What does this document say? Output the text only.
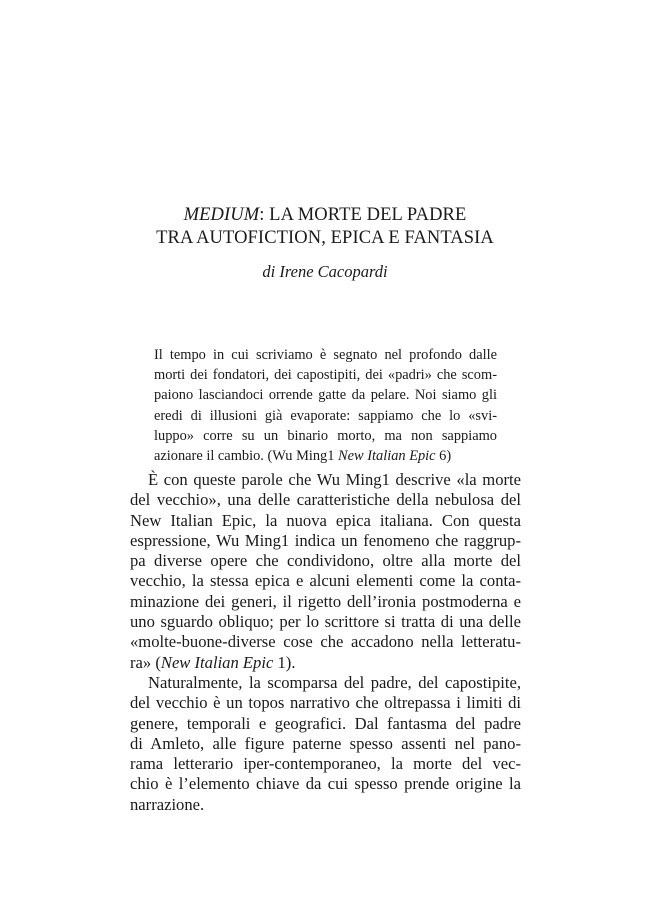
MEDIUM: LA MORTE DEL PADRE
TRA AUTOFICTION, EPICA E FANTASIA
di Irene Cacopardi
Il tempo in cui scriviamo è segnato nel profondo dalle
morti dei fondatori, dei capostipiti, dei «padri» che scom-
paiono lasciandoci orrende gatte da pelare. Noi siamo gli
eredi di illusioni già evaporate: sappiamo che lo «svi-
luppo» corre su un binario morto, ma non sappiamo
azionare il cambio. (Wu Ming1 New Italian Epic 6)

È con queste parole che Wu Ming1 descrive «la morte
del vecchio», una delle caratteristiche della nebulosa del
New Italian Epic, la nuova epica italiana. Con questa
espressione, Wu Ming1 indica un fenomeno che raggrup-
pa diverse opere che condividono, oltre alla morte del
vecchio, la stessa epica e alcuni elementi come la conta-
minazione dei generi, il rigetto dell’ironia postmoderna e
uno sguardo obliquo; per lo scrittore si tratta di una delle
«molte-buone-diverse cose che accadono nella letteratu-
ra» (New Italian Epic 1).

Naturalmente, la scomparsa del padre, del capostipite,
del vecchio è un topos narrativo che oltrepassa i limiti di
genere, temporali e geografici. Dal fantasma del padre
di Amleto, alle figure paterne spesso assenti nel pano-
rama letterario iper-contemporaneo, la morte del vec-
chio è l’elemento chiave da cui spesso prende origine la
narrazione.
